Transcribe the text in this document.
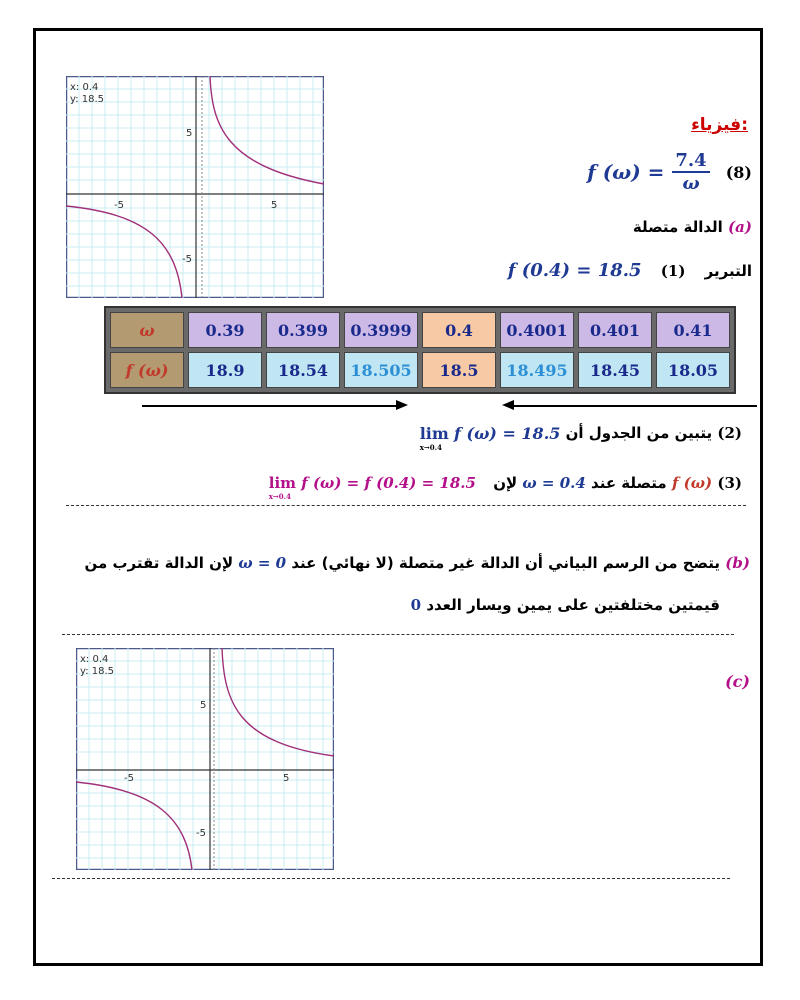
x: 0.4
y: 18.5
-5	5
5
-5
فيزياء:
f $(\omega) = \frac{7.4}{\omega} (8)$
(a) الدالة متصلة
التبرير (1) f (0.4) = 18.5
ω	0.39	0.399	0.3999	0.4	0.4001	0.401	0.41
f (ω)	18.9	18.54	18.505	18.5	18.495	18.45	18.05
(2) يتبين من الجدول أن
lim f (ω) = 18.5
x→0.4
(3) f (ω) متصلة عند ω = 0.4 لإن
lim f (ω) = f (0.4) = 18.5
x→0.4
(b) يتضح من الرسم البياني أن الدالة غير متصلة (لا نهائي) عند ω = 0 لإن الدالة تقترب من
قيمتين مختلفتين على يمين ويسار العدد 0
x: 0.4
y: 18.5
-5	5
5
-5
(c)
